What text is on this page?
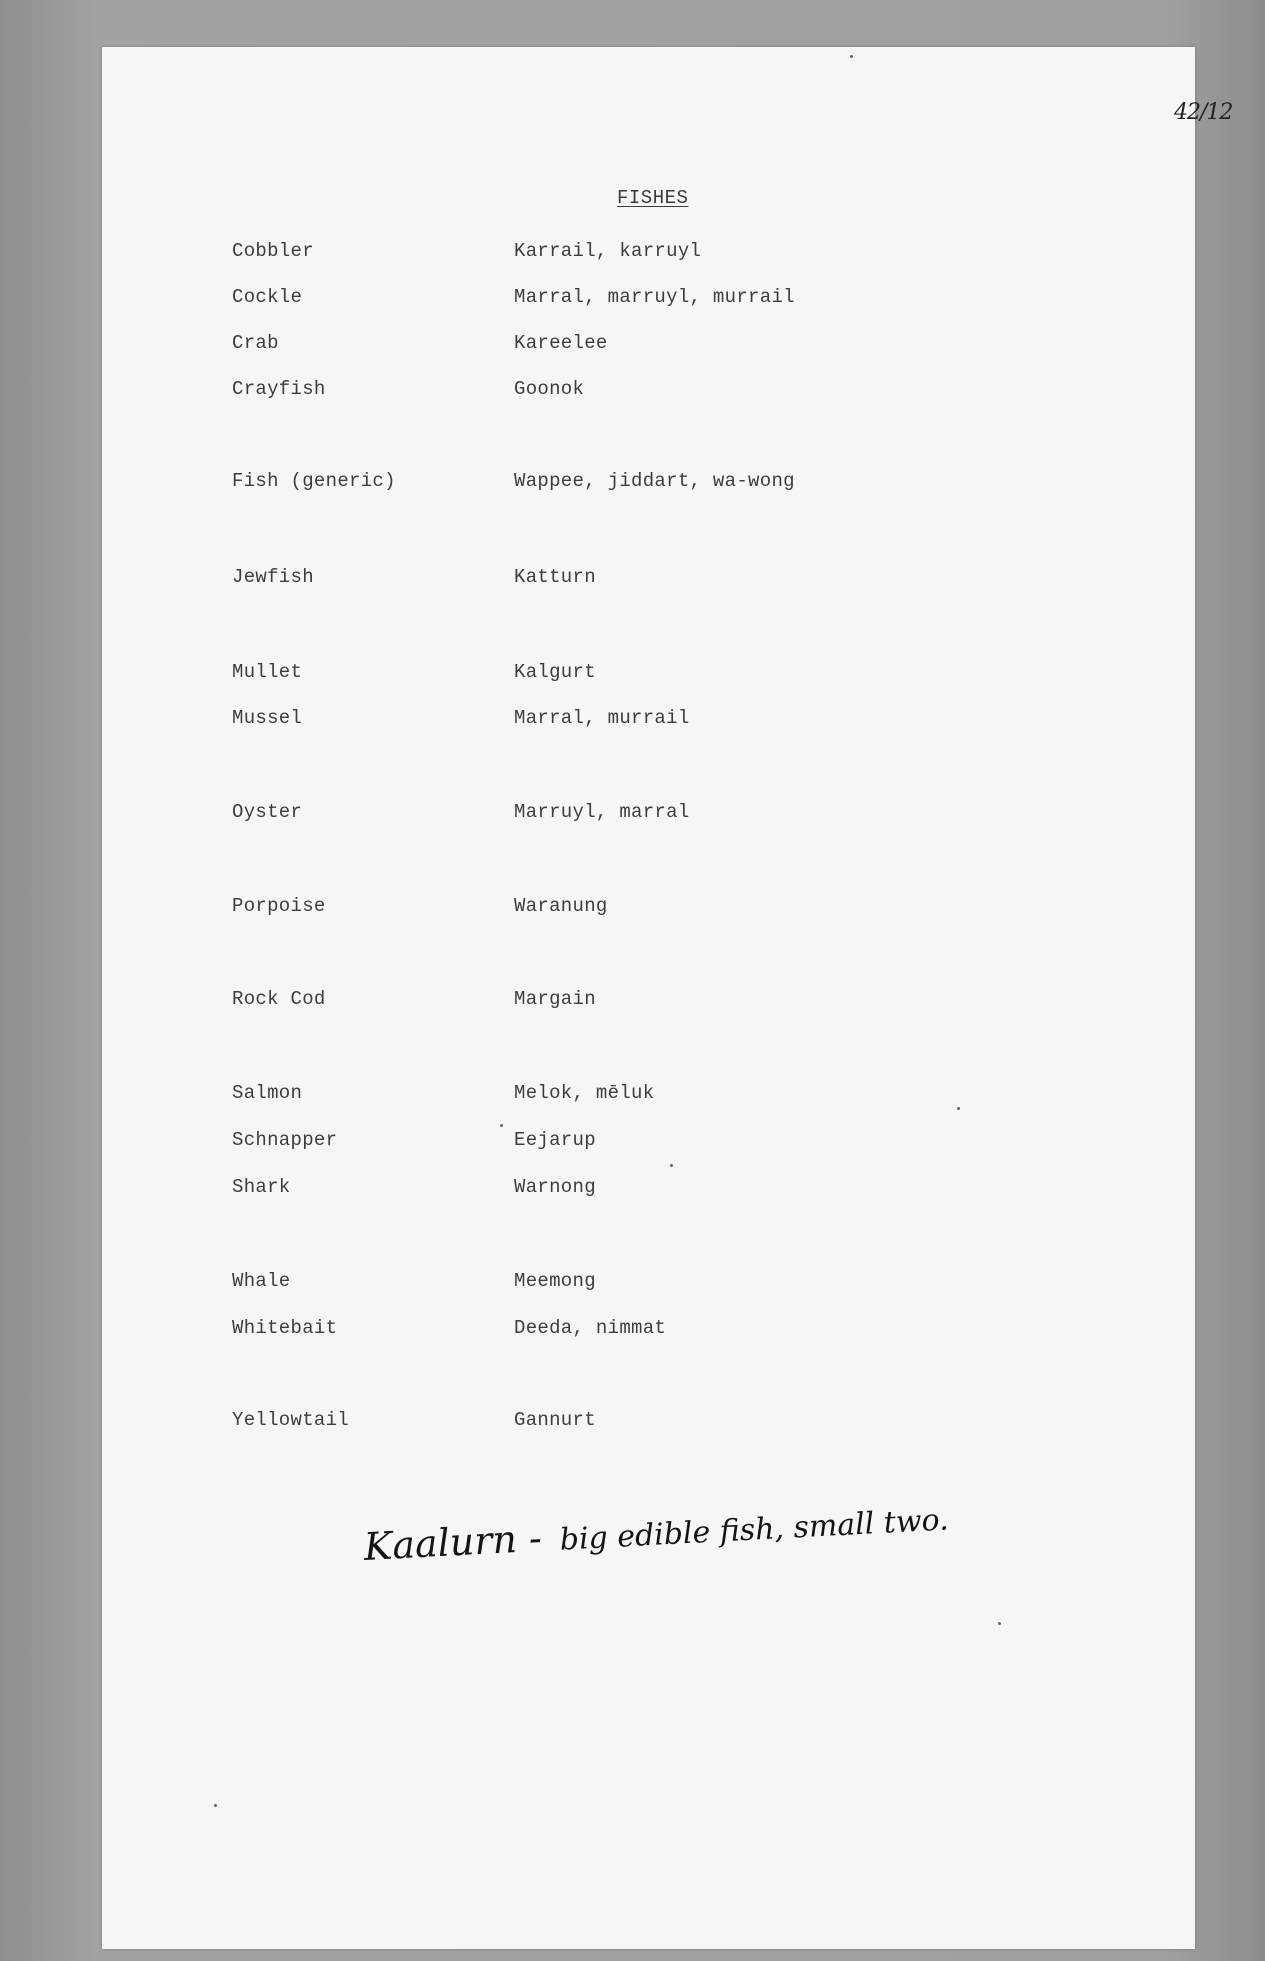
42/12
FISHES
Cobbler	Karrail, karruyl
Cockle	Marral, marruyl, murrail
Crab	Kareelee
Crayfish	Goonok
Fish (generic)	Wappee, jiddart, wa-wong
Jewfish	Katturn
Mullet	Kalgurt
Mussel	Marral, murrail
Oyster	Marruyl, marral
Porpoise	Waranung
Rock Cod	Margain
Salmon	Melok, mēluk
Schnapper	Eejarup
Shark	Warnong
Whale	Meemong
Whitebait	Deeda, nimmat
Yellowtail	Gannurt
Kaalurn - big edible fish, small two.
